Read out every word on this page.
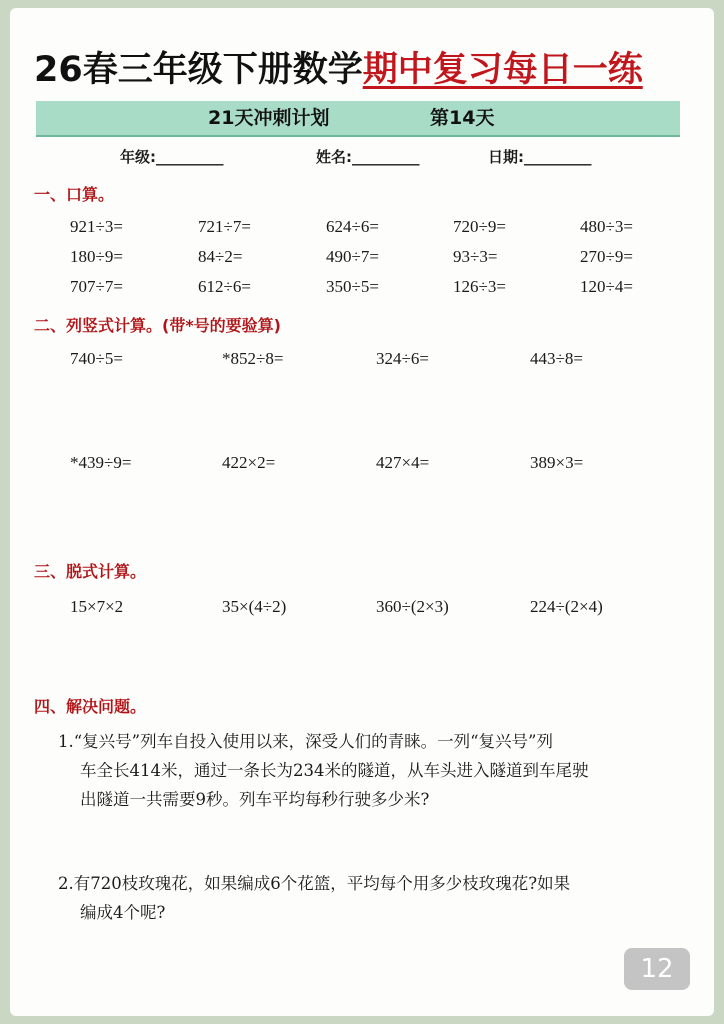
26春三年级下册数学期中复习每日一练
21天冲刺计划	第14天
年级:_________	姓名:_________	日期:_________
一、口算。
921÷3=	721÷7=	624÷6=	720÷9=	480÷3=
180÷9=	84÷2=	490÷7=	93÷3=	270÷9=
707÷7=	612÷6=	350÷5=	126÷3=	120÷4=
二、列竖式计算。(带*号的要验算)
740÷5=	*852÷8=	324÷6=	443÷8=
*439÷9=	422×2=	427×4=	389×3=
三、脱式计算。
15×7×2	35×(4÷2)	360÷(2×3)	224÷(2×4)
四、解决问题。
1.“复兴号”列车自投入使用以来，深受人们的青睐。一列“复兴号”列
车全长414米，通过一条长为234米的隧道，从车头进入隧道到车尾驶
出隧道一共需要9秒。列车平均每秒行驶多少米?
2.有720枝玫瑰花，如果编成6个花篮，平均每个用多少枝玫瑰花?如果
编成4个呢?
12
